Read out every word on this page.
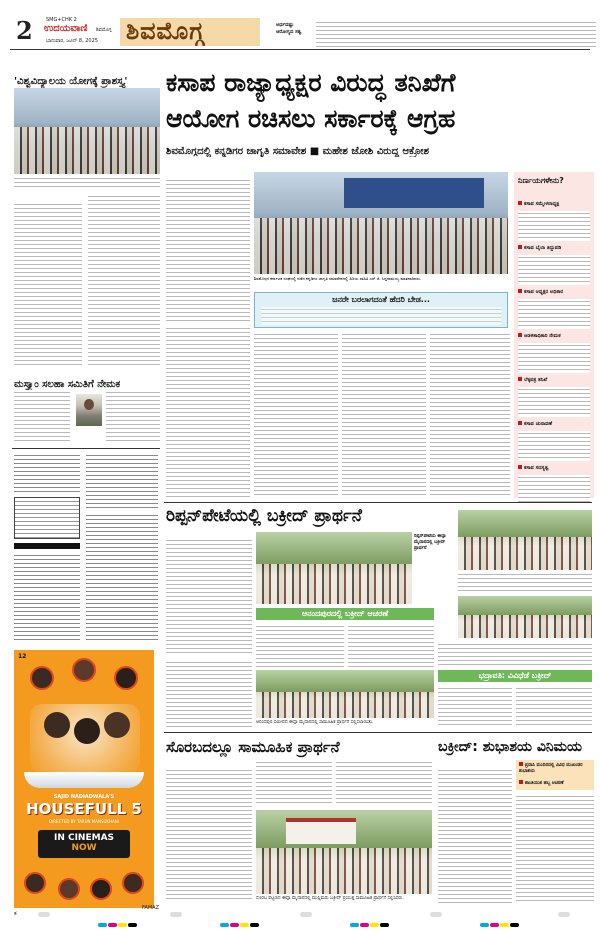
2	SMG+CHK 2
ಉದಯವಾಣಿ ಶಿವಮೊಗ್ಗ
ಭಾನುವಾರ, ಜೂನ್ 8, 2025 ಶಿವಮೊಗ್ಗ	ಅರ್ಧದಷ್ಟು ಆರೋಗ್ಯದ ಸತ್ವ
'ವಿಶ್ವವಿದ್ಯಾಲಯ ಯೋಗಕ್ಕೆ ಪ್ರಾಶಸ್ತ್ಯ'
ಮಸ್ತ್ಯಾಂ ಸಲಹಾ ಸಮಿತಿಗೆ ನೇಮಕ
12
SAJID NADIADWALA'S
HOUSEFULL 5
DIRECTED BY TARUN MANSUKHANI
IN CINEMAS
NOW
ಕಸಾಪ ರಾಜ್ಯಾಧ್ಯಕ್ಷರ ವಿರುದ್ಧ ತನಿಖೆಗೆ
ಆಯೋಗ ರಚಿಸಲು ಸರ್ಕಾರಕ್ಕೆ ಆಗ್ರಹ
ಶಿವಮೊಗ್ಗದಲ್ಲಿ ಕನ್ನಡಿಗರ ಜಾಗೃತಿ ಸಮಾವೇಶ ■ ಮಹೇಶ ಜೋಶಿ ವಿರುದ್ಧ ಆಕ್ರೋಶ
ಶಿವಮೊಗ್ಗದ ಕರ್ನಾಟಕ ಸಂಘದಲ್ಲಿ ನಡೆದ ಕನ್ನಡಿಗರ ಜಾಗೃತಿ ಸಮಾವೇಶದಲ್ಲಿ ಹಿರಿಯ ಸಾಹಿತಿ ಎಸ್.ಜಿ. ಸಿದ್ದರಾಮಯ್ಯ ಮಾತನಾಡಿದರು.
ನಿರ್ಣಯಗಳೇನು?
ಕಸಾಪ ಸಮ್ಮೇಳನಾಧ್ಯಕ್ಷ
ಕಸಾಪ ಬೈಲಾ ತಿದ್ದುಪಡಿ
ಕಸಾಪ ಅಧ್ಯಕ್ಷರ ಅಧಿಕಾರ
ಆಡಳಿತಾಧಿಕಾರಿ ನೇಮಕ
ಲೆಕ್ಕಪತ್ರ ತನಿಖೆ
ಕಸಾಪ ಚುನಾವಣೆ
ಕಸಾಪ ಸದಸ್ಯತ್ವ
ಜನರೇ ಬರಲಾಗದಂತೆ ಹೆದರಿ ಬೇಡ...
ರಿಪ್ಪನ್‌ಪೇಟೆಯಲ್ಲಿ ಬಕ್ರೀದ್ ಪ್ರಾರ್ಥನೆ
ರಿಪ್ಪನ್‌ಪೇಟೆಯ ಈದ್ಗಾ ಮೈದಾನದಲ್ಲಿ ಬಕ್ರೀದ್ ಪ್ರಾರ್ಥನೆ
ಆನಂದಪುರದಲ್ಲಿ ಬಕ್ರೀದ್ ಆಚರಣೆ
ಆನಂದಪುರ ಸಮೀಪದ ಈದ್ಗಾ ಮೈದಾನದಲ್ಲಿ ಸಾಮೂಹಿಕ ಪ್ರಾರ್ಥನೆ ಸಲ್ಲಿಸಲಾಯಿತು.
ಭದ್ರಾವತಿ: ವಿವಿಧೆಡೆ ಬಕ್ರೀದ್
ಸೊರಬದಲ್ಲೂ ಸಾಮೂಹಿಕ ಪ್ರಾರ್ಥನೆ
ಸೊರಬ ಪಟ್ಟಣದ ಈದ್ಗಾ ಮೈದಾನದಲ್ಲಿ ಮುಸ್ಲಿಮರು ಬಕ್ರೀದ್ ಪ್ರಯುಕ್ತ ಸಾಮೂಹಿಕ ಪ್ರಾರ್ಥನೆ ಸಲ್ಲಿಸಿದರು.
ಬಕ್ರೀದ್: ಶುಭಾಶಯ ವಿನಿಮಯ
ಪ್ರವಾಸಿ ಮಂದಿರದಲ್ಲಿ ವಿವಿಧ ಮುಖಂಡರ ಶುಭಾಶಯ
ಶಾಂತಿಯುತ ಹಬ್ಬ ಆಚರಣೆ
ಕ
FAMAZ
